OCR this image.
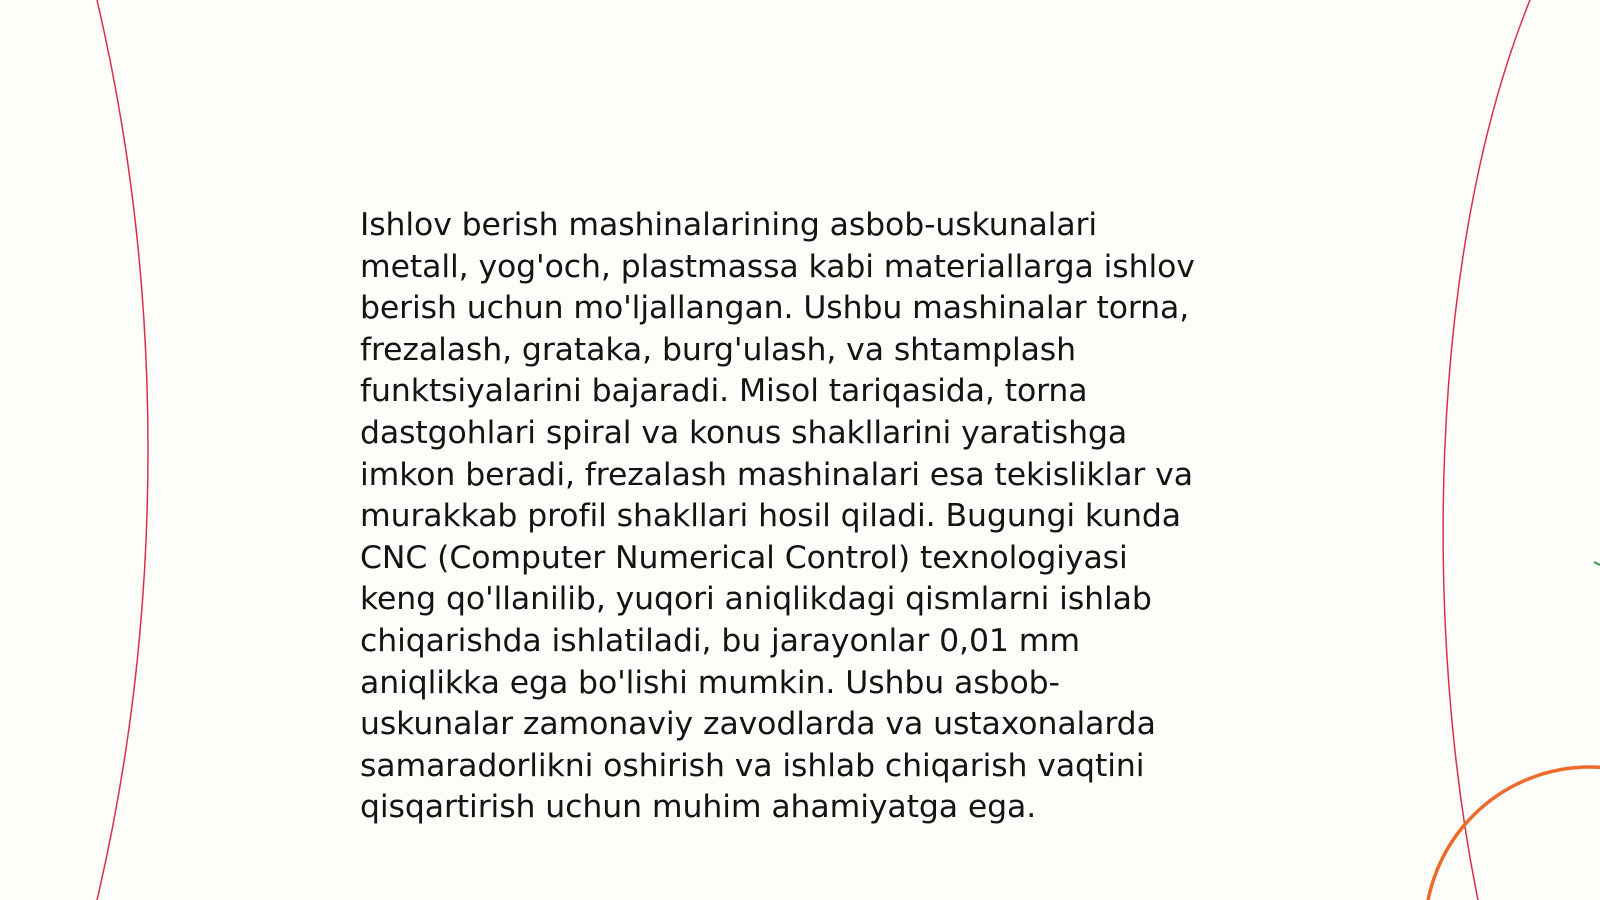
Ishlov berish mashinalarining asbob-uskunalari
metall, yog'och, plastmassa kabi materiallarga ishlov
berish uchun mo'ljallangan. Ushbu mashinalar torna,
frezalash, grataka, burg'ulash, va shtamplash
funktsiyalarini bajaradi. Misol tariqasida, torna
dastgohlari spiral va konus shakllarini yaratishga
imkon beradi, frezalash mashinalari esa tekisliklar va
murakkab profil shakllari hosil qiladi. Bugungi kunda
CNC (Computer Numerical Control) texnologiyasi
keng qo'llanilib, yuqori aniqlikdagi qismlarni ishlab
chiqarishda ishlatiladi, bu jarayonlar 0,01 mm
aniqlikka ega bo'lishi mumkin. Ushbu asbob-
uskunalar zamonaviy zavodlarda va ustaxonalarda
samaradorlikni oshirish va ishlab chiqarish vaqtini
qisqartirish uchun muhim ahamiyatga ega.
